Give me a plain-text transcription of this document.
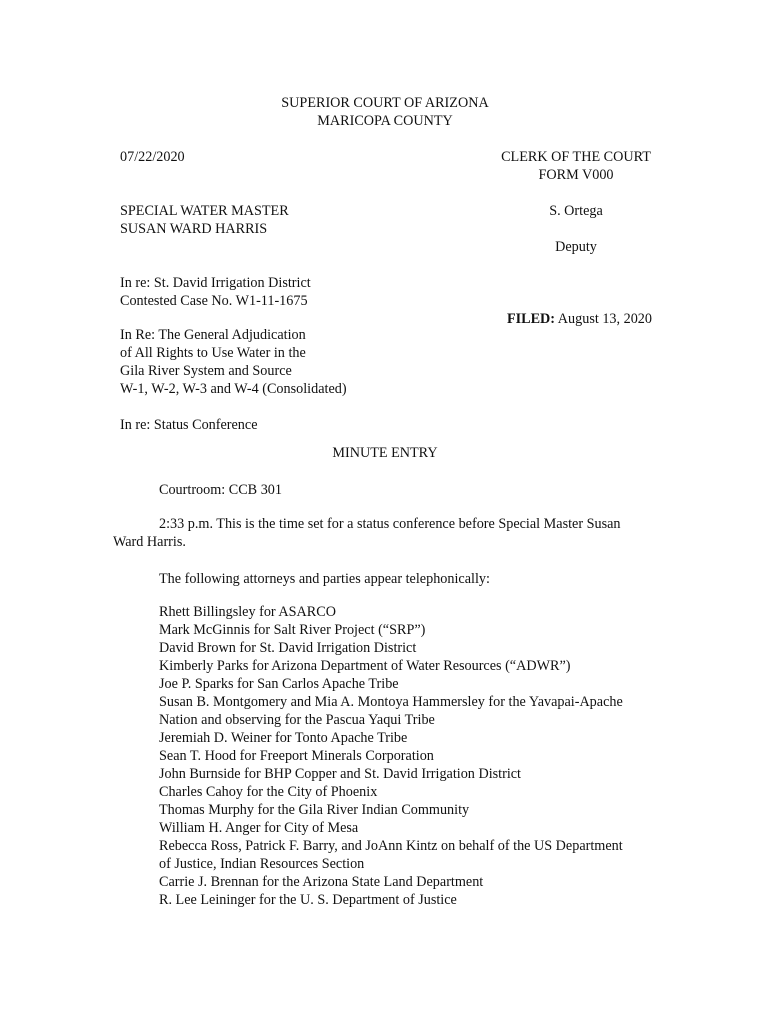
SUPERIOR COURT OF ARIZONA
MARICOPA COUNTY
07/22/2020	CLERK OF THE COURT
FORM V000
SPECIAL WATER MASTER
SUSAN WARD HARRIS
S. Ortega
Deputy
In re: St. David Irrigation District
Contested Case No. W1-11-1675
FILED: August 13, 2020
In Re: The General Adjudication
of All Rights to Use Water in the
Gila River System and Source
W-1, W-2, W-3 and W-4 (Consolidated)
In re: Status Conference
MINUTE ENTRY
Courtroom: CCB 301
2:33 p.m. This is the time set for a status conference before Special Master Susan
Ward Harris.
The following attorneys and parties appear telephonically:
Rhett Billingsley for ASARCO
Mark McGinnis for Salt River Project (“SRP”)
David Brown for St. David Irrigation District
Kimberly Parks for Arizona Department of Water Resources (“ADWR”)
Joe P. Sparks for San Carlos Apache Tribe
Susan B. Montgomery and Mia A. Montoya Hammersley for the Yavapai-Apache
Nation and observing for the Pascua Yaqui Tribe
Jeremiah D. Weiner for Tonto Apache Tribe
Sean T. Hood for Freeport Minerals Corporation
John Burnside for BHP Copper and St. David Irrigation District
Charles Cahoy for the City of Phoenix
Thomas Murphy for the Gila River Indian Community
William H. Anger for City of Mesa
Rebecca Ross, Patrick F. Barry, and JoAnn Kintz on behalf of the US Department
of Justice, Indian Resources Section
Carrie J. Brennan for the Arizona State Land Department
R. Lee Leininger for the U. S. Department of Justice
